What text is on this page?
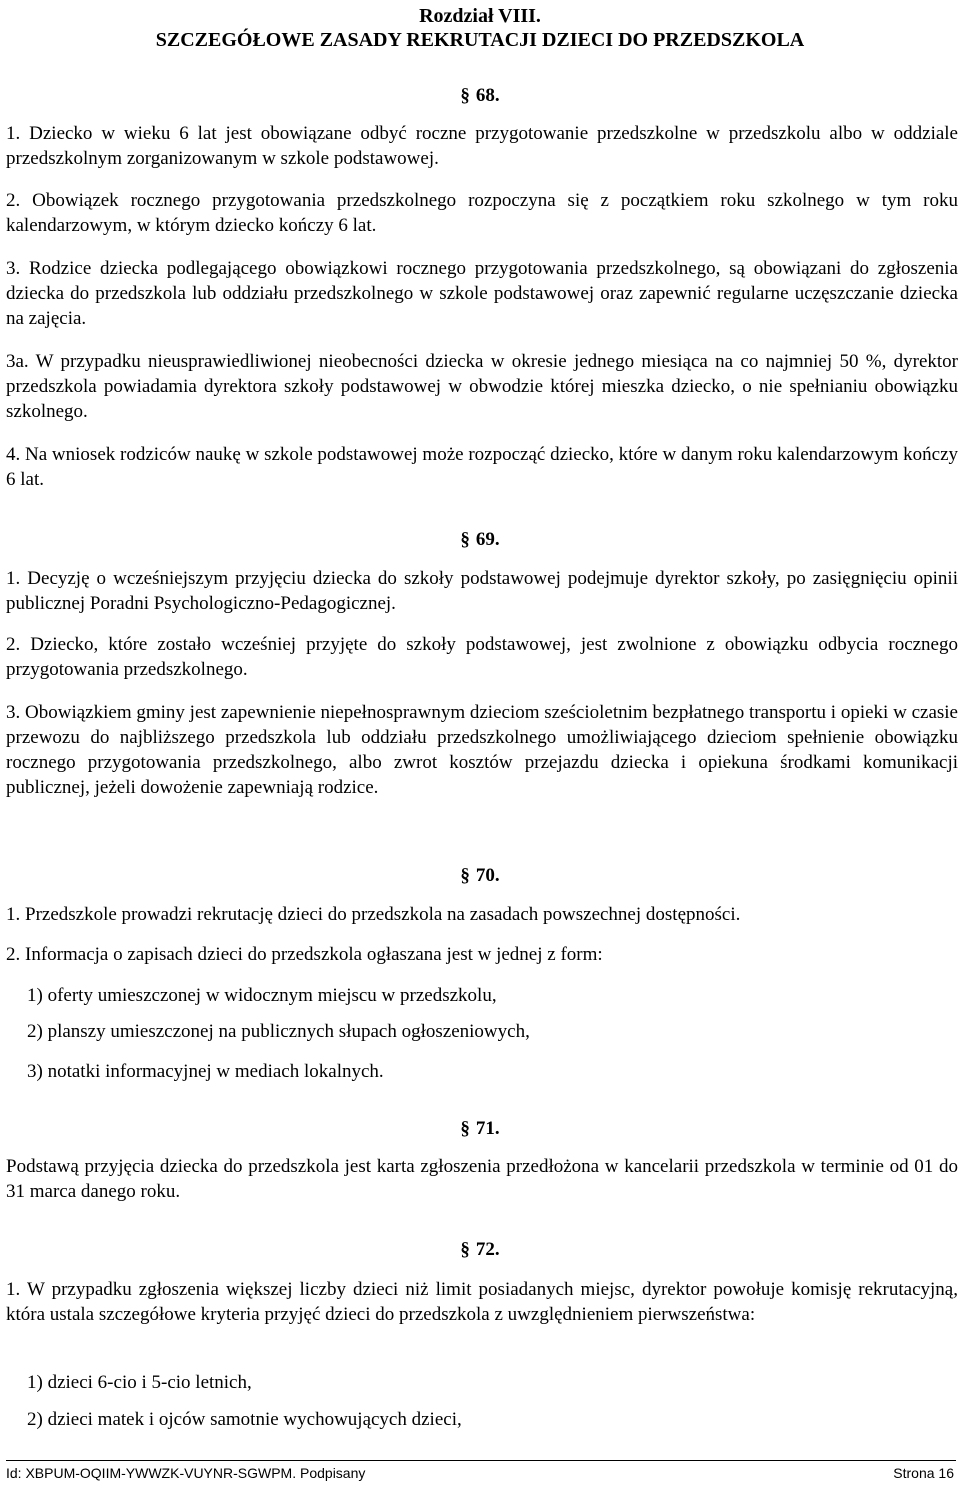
Rozdział VIII.
SZCZEGÓŁOWE ZASADY REKRUTACJI DZIECI DO PRZEDSZKOLA
§ 68.
1. Dziecko w wieku 6 lat jest obowiązane odbyć roczne przygotowanie przedszkolne w przedszkolu albo w oddziale przedszkolnym zorganizowanym w szkole podstawowej.
2. Obowiązek rocznego przygotowania przedszkolnego rozpoczyna się z początkiem roku szkolnego w tym roku kalendarzowym, w którym dziecko kończy 6 lat.
3. Rodzice dziecka podlegającego obowiązkowi rocznego przygotowania przedszkolnego, są obowiązani do zgłoszenia dziecka do przedszkola lub oddziału przedszkolnego w szkole podstawowej oraz zapewnić regularne uczęszczanie dziecka na zajęcia.
3a. W przypadku nieusprawiedliwionej nieobecności dziecka w okresie jednego miesiąca na co najmniej 50 %, dyrektor przedszkola powiadamia dyrektora szkoły podstawowej w obwodzie której mieszka dziecko, o nie spełnianiu obowiązku szkolnego.
4. Na wniosek rodziców naukę w szkole podstawowej może rozpocząć dziecko, które w danym roku kalendarzowym kończy 6 lat.
§ 69.
1. Decyzję o wcześniejszym przyjęciu dziecka do szkoły podstawowej podejmuje dyrektor szkoły, po zasięgnięciu opinii publicznej Poradni Psychologiczno-Pedagogicznej.
2. Dziecko, które zostało wcześniej przyjęte do szkoły podstawowej, jest zwolnione z obowiązku odbycia rocznego przygotowania przedszkolnego.
3. Obowiązkiem gminy jest zapewnienie niepełnosprawnym dzieciom sześcioletnim bezpłatnego transportu i opieki w czasie przewozu do najbliższego przedszkola lub oddziału przedszkolnego umożliwiającego dzieciom spełnienie obowiązku rocznego przygotowania przedszkolnego, albo zwrot kosztów przejazdu dziecka i opiekuna środkami komunikacji publicznej, jeżeli dowożenie zapewniają rodzice.
§ 70.
1. Przedszkole prowadzi rekrutację dzieci do przedszkola na zasadach powszechnej dostępności.
2. Informacja o zapisach dzieci do przedszkola ogłaszana jest w jednej z form:
1) oferty umieszczonej w widocznym miejscu w przedszkolu,
2) planszy umieszczonej na publicznych słupach ogłoszeniowych,
3) notatki informacyjnej w mediach lokalnych.
§ 71.
Podstawą przyjęcia dziecka do przedszkola jest karta zgłoszenia przedłożona w kancelarii przedszkola w terminie od 01 do 31 marca danego roku.
§ 72.
1. W przypadku zgłoszenia większej liczby dzieci niż limit posiadanych miejsc, dyrektor powołuje komisję rekrutacyjną, która ustala szczegółowe kryteria przyjęć dzieci do przedszkola z uwzględnieniem pierwszeństwa:
1) dzieci 6-cio i 5-cio letnich,
2) dzieci matek i ojców samotnie wychowujących dzieci,
Id: XBPUM-OQIIM-YWWZK-VUYNR-SGWPM. Podpisany	Strona 16
